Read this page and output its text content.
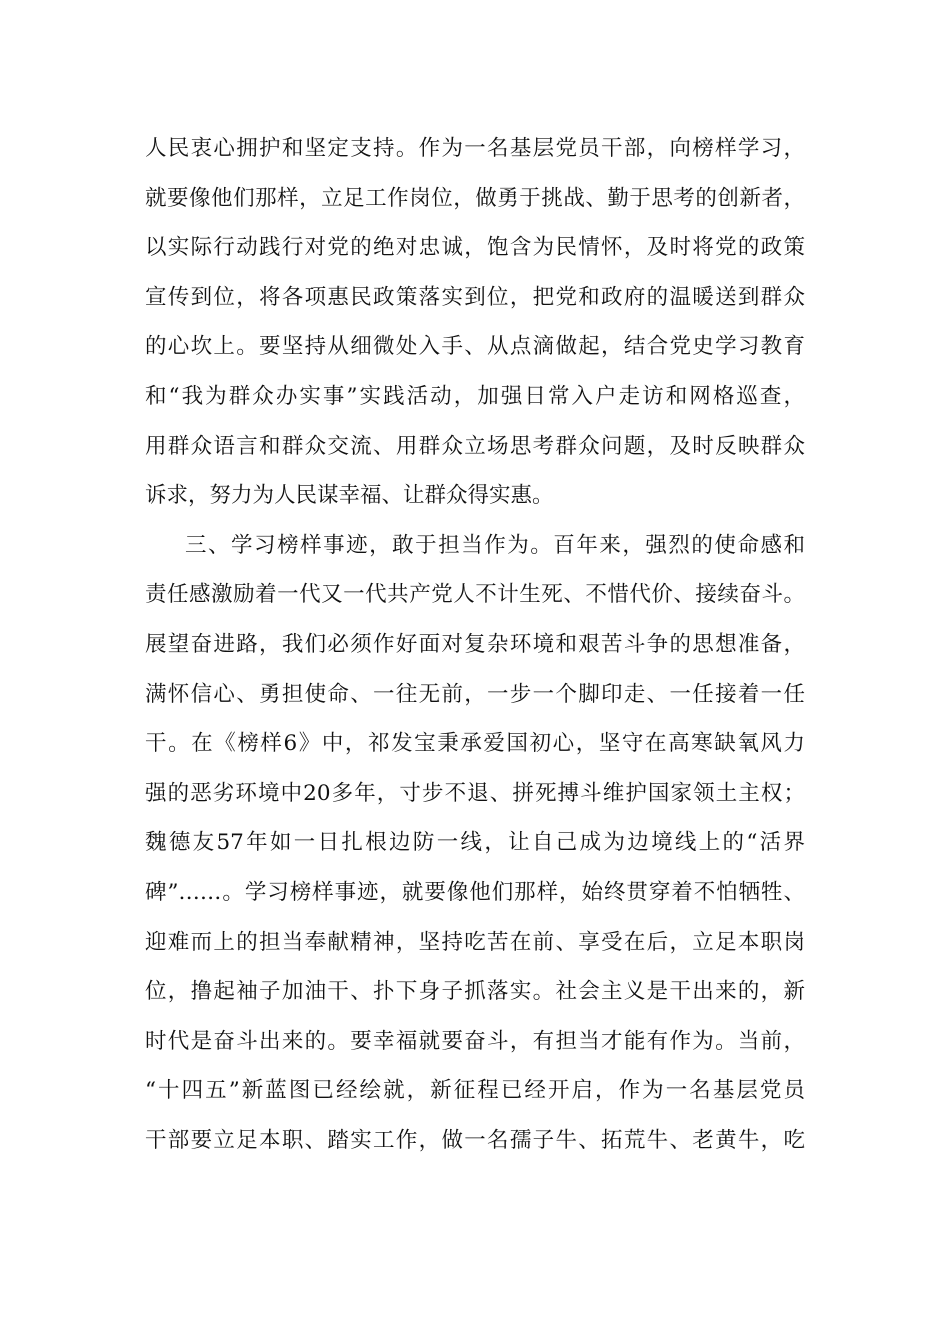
人民衷心拥护和坚定支持。作为一名基层党员干部，向榜样学习，
就要像他们那样，立足工作岗位，做勇于挑战、勤于思考的创新者，
以实际行动践行对党的绝对忠诚，饱含为民情怀，及时将党的政策
宣传到位，将各项惠民政策落实到位，把党和政府的温暖送到群众
的心坎上。要坚持从细微处入手、从点滴做起，结合党史学习教育
和“我为群众办实事”实践活动，加强日常入户走访和网格巡查，
用群众语言和群众交流、用群众立场思考群众问题，及时反映群众
诉求，努力为人民谋幸福、让群众得实惠。
三、学习榜样事迹，敢于担当作为。百年来，强烈的使命感和
责任感激励着一代又一代共产党人不计生死、不惜代价、接续奋斗。
展望奋进路，我们必须作好面对复杂环境和艰苦斗争的思想准备，
满怀信心、勇担使命、一往无前，一步一个脚印走、一任接着一任
干。在《榜样6》中，祁发宝秉承爱国初心，坚守在高寒缺氧风力
强的恶劣环境中20多年，寸步不退、拼死搏斗维护国家领土主权；
魏德友57年如一日扎根边防一线，让自己成为边境线上的“活界
碑”……。学习榜样事迹，就要像他们那样，始终贯穿着不怕牺牲、
迎难而上的担当奉献精神，坚持吃苦在前、享受在后，立足本职岗
位，撸起袖子加油干、扑下身子抓落实。社会主义是干出来的，新
时代是奋斗出来的。要幸福就要奋斗，有担当才能有作为。当前，
“十四五”新蓝图已经绘就，新征程已经开启，作为一名基层党员
干部要立足本职、踏实工作，做一名孺子牛、拓荒牛、老黄牛，吃
